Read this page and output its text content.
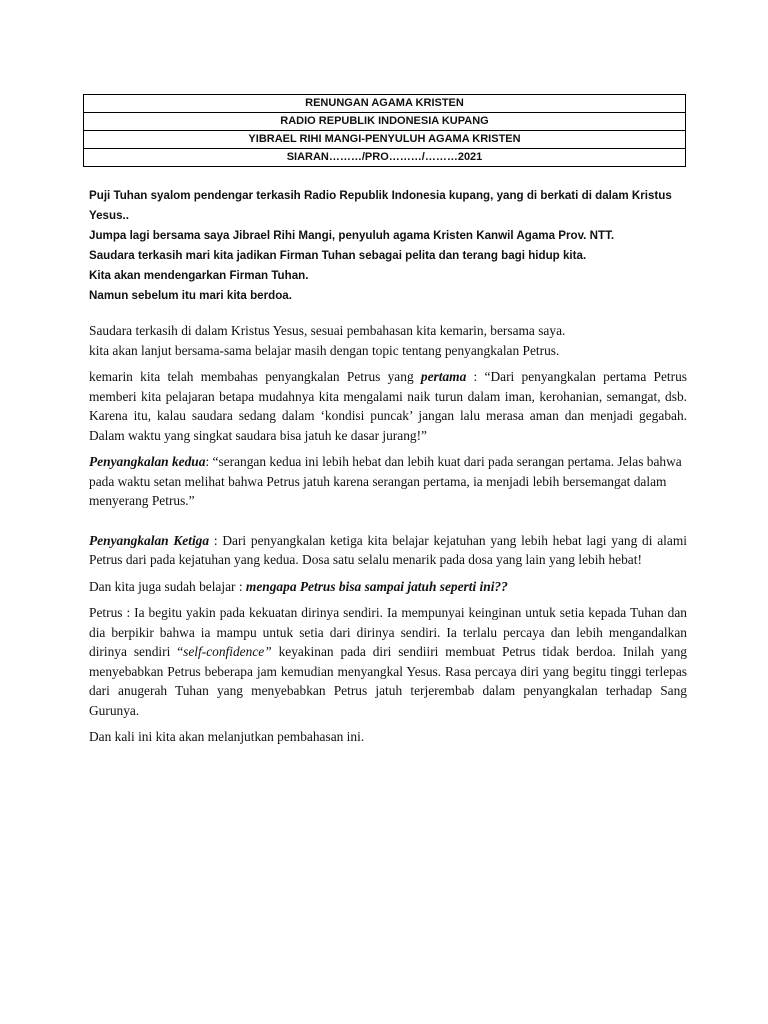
RENUNGAN AGAMA KRISTEN
RADIO REPUBLIK INDONESIA KUPANG
YIBRAEL RIHI MANGI-PENYULUH AGAMA KRISTEN
SIARAN………/PRO………/………2021

Puji Tuhan syalom pendengar terkasih Radio Republik Indonesia kupang, yang di berkati di dalam Kristus Yesus..

Jumpa lagi bersama saya Jibrael Rihi Mangi, penyuluh agama Kristen Kanwil Agama Prov. NTT.

Saudara terkasih mari kita jadikan Firman Tuhan sebagai pelita dan terang bagi hidup kita.

Kita akan mendengarkan Firman Tuhan.

Namun sebelum itu mari kita berdoa.

Saudara terkasih di dalam Kristus Yesus, sesuai pembahasan kita kemarin, bersama saya.
kita akan lanjut bersama-sama belajar masih dengan topic tentang penyangkalan Petrus.

kemarin kita telah membahas penyangkalan Petrus yang pertama : “Dari penyangkalan pertama Petrus memberi kita pelajaran betapa mudahnya kita mengalami naik turun dalam iman, kerohanian, semangat, dsb. Karena itu, kalau saudara sedang dalam ‘kondisi puncak’ jangan lalu merasa aman dan menjadi gegabah. Dalam waktu yang singkat saudara bisa jatuh ke dasar jurang!”

Penyangkalan kedua: “serangan kedua ini lebih hebat dan lebih kuat dari pada serangan pertama. Jelas bahwa pada waktu setan melihat bahwa Petrus jatuh karena serangan pertama, ia menjadi lebih bersemangat dalam menyerang Petrus.”

Penyangkalan Ketiga : Dari penyangkalan ketiga kita belajar kejatuhan yang lebih hebat lagi yang di alami Petrus dari pada kejatuhan yang kedua. Dosa satu selalu menarik pada dosa yang lain yang lebih hebat!

Dan kita juga sudah belajar : mengapa Petrus bisa sampai jatuh seperti ini??

Petrus : Ia begitu yakin pada kekuatan dirinya sendiri. Ia mempunyai keinginan untuk setia kepada Tuhan dan dia berpikir bahwa ia mampu untuk setia dari dirinya sendiri. Ia terlalu percaya dan lebih mengandalkan dirinya sendiri “self-confidence” keyakinan pada diri sendiiri membuat Petrus tidak berdoa. Inilah yang menyebabkan Petrus beberapa jam kemudian menyangkal Yesus. Rasa percaya diri yang begitu tinggi terlepas dari anugerah Tuhan yang menyebabkan Petrus jatuh terjerembab dalam penyangkalan terhadap Sang Gurunya.

Dan kali ini kita akan melanjutkan pembahasan ini.
